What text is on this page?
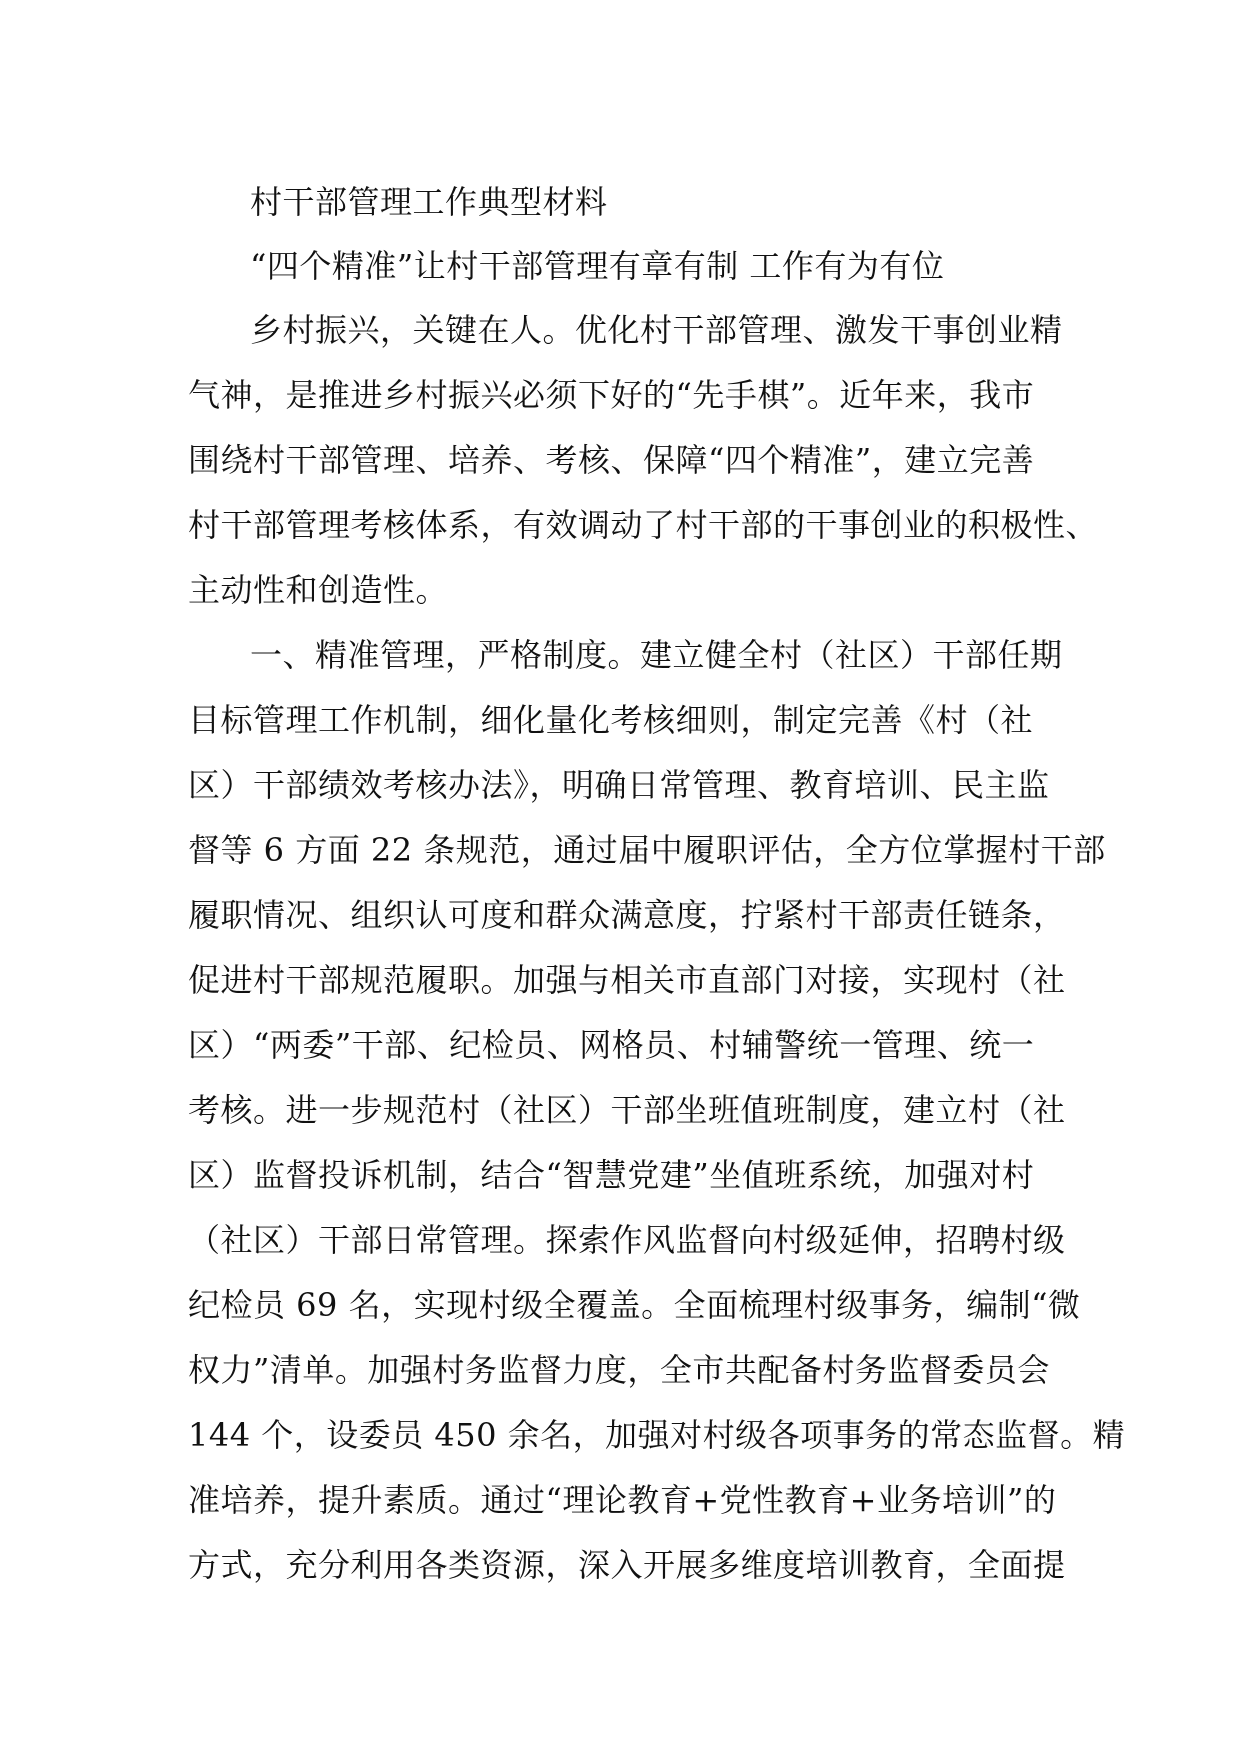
村干部管理工作典型材料
“四个精准”让村干部管理有章有制 工作有为有位
乡村振兴，关键在人。优化村干部管理、激发干事创业精
气神，是推进乡村振兴必须下好的“先手棋”。近年来，我市
围绕村干部管理、培养、考核、保障“四个精准”，建立完善
村干部管理考核体系，有效调动了村干部的干事创业的积极性、
主动性和创造性。
一、精准管理，严格制度。建立健全村（社区）干部任期
目标管理工作机制，细化量化考核细则，制定完善《村（社
区）干部绩效考核办法》，明确日常管理、教育培训、民主监
督等 6 方面 22 条规范，通过届中履职评估，全方位掌握村干部
履职情况、组织认可度和群众满意度，拧紧村干部责任链条，
促进村干部规范履职。加强与相关市直部门对接，实现村（社
区）“两委”干部、纪检员、网格员、村辅警统一管理、统一
考核。进一步规范村（社区）干部坐班值班制度，建立村（社
区）监督投诉机制，结合“智慧党建”坐值班系统，加强对村
（社区）干部日常管理。探索作风监督向村级延伸，招聘村级
纪检员 69 名，实现村级全覆盖。全面梳理村级事务，编制“微
权力”清单。加强村务监督力度，全市共配备村务监督委员会
144 个，设委员 450 余名，加强对村级各项事务的常态监督。精
准培养，提升素质。通过“理论教育+党性教育+业务培训”的
方式，充分利用各类资源，深入开展多维度培训教育，全面提
